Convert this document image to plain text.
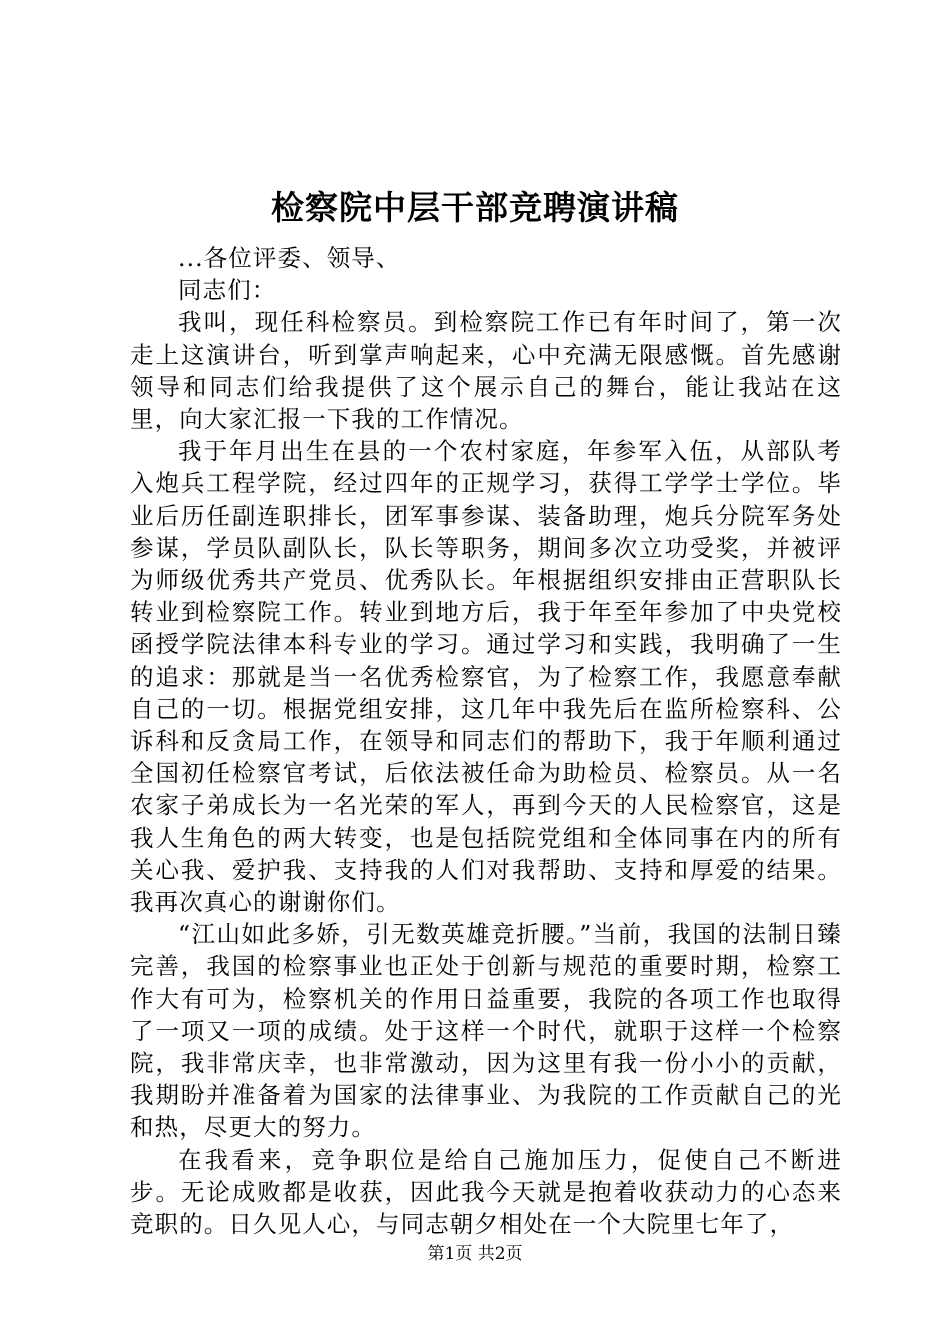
检察院中层干部竞聘演讲稿

...各位评委、领导、

同志们：

我叫，现任科检察员。到检察院工作已有年时间了，第一次走上这演讲台，听到掌声响起来，心中充满无限感慨。首先感谢领导和同志们给我提供了这个展示自己的舞台，能让我站在这里，向大家汇报一下我的工作情况。

我于年月出生在县的一个农村家庭，年参军入伍，从部队考入炮兵工程学院，经过四年的正规学习，获得工学学士学位。毕业后历任副连职排长，团军事参谋、装备助理，炮兵分院军务处参谋，学员队副队长，队长等职务，期间多次立功受奖，并被评为师级优秀共产党员、优秀队长。年根据组织安排由正营职队长转业到检察院工作。转业到地方后，我于年至年参加了中央党校函授学院法律本科专业的学习。通过学习和实践，我明确了一生的追求：那就是当一名优秀检察官，为了检察工作，我愿意奉献自己的一切。根据党组安排，这几年中我先后在监所检察科、公诉科和反贪局工作，在领导和同志们的帮助下，我于年顺利通过全国初任检察官考试，后依法被任命为助检员、检察员。从一名农家子弟成长为一名光荣的军人，再到今天的人民检察官，这是我人生角色的两大转变，也是包括院党组和全体同事在内的所有关心我、爱护我、支持我的人们对我帮助、支持和厚爱的结果。我再次真心的谢谢你们。

“江山如此多娇，引无数英雄竞折腰。”当前，我国的法制日臻完善，我国的检察事业也正处于创新与规范的重要时期，检察工作大有可为，检察机关的作用日益重要，我院的各项工作也取得了一项又一项的成绩。处于这样一个时代，就职于这样一个检察院，我非常庆幸，也非常激动，因为这里有我一份小小的贡献，我期盼并准备着为国家的法律事业、为我院的工作贡献自己的光和热，尽更大的努力。

在我看来，竞争职位是给自己施加压力，促使自己不断进步。无论成败都是收获，因此我今天就是抱着收获动力的心态来竞职的。日久见人心，与同志朝夕相处在一个大院里七年了，

第1页 共2页
